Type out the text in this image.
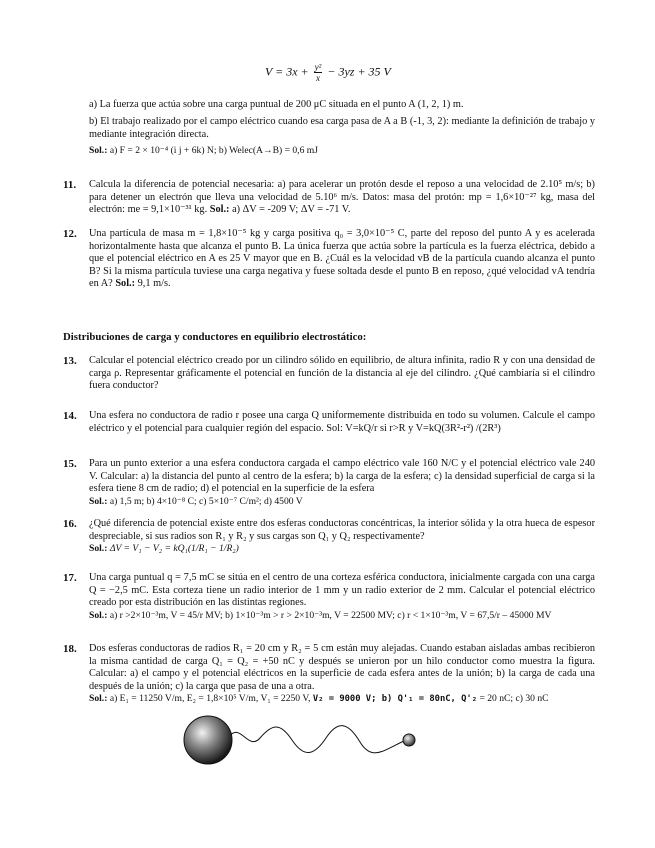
$V = 3x + \frac{\text{y²}}{x} - 3yz + 35$ V
a) La fuerza que actúa sobre una carga puntual de 200 μC situada en el punto A (1, 2, 1) m.
b) El trabajo realizado por el campo eléctrico cuando esa carga pasa de A a B (-1, 3, 2): mediante la definición de trabajo y mediante integración directa.
Sol.: a) F = 2 × 10⁻⁴ (i j + 6k) N; b) Welec(A→B) = 0,6 mJ
11. Calcula la diferencia de potencial necesaria: a) para acelerar un protón desde el reposo a una velocidad de 2.10⁵ m/s; b) para detener un electrón que lleva una velocidad de 5.10⁶ m/s. Datos: masa del protón: mp = 1,6×10⁻²⁷ kg, masa del electrón: me = 9,1×10⁻³¹ kg. Sol.: a) ΔV = -209 V; ΔV = -71 V.
12. Una partícula de masa m = 1,8×10⁻⁵ kg y carga positiva q₀ = 3,0×10⁻⁵ C, parte del reposo del punto A y es acelerada horizontalmente hasta que alcanza el punto B. La única fuerza que actúa sobre la partícula es la fuerza eléctrica, debido a que el potencial eléctrico en A es 25 V mayor que en B. ¿Cuál es la velocidad vB de la partícula cuando alcanza el punto B? Si la misma partícula tuviese una carga negativa y fuese soltada desde el punto B en reposo, ¿qué velocidad vA tendría en A? Sol.: 9,1 m/s.
Distribuciones de carga y conductores en equilibrio electrostático:
13. Calcular el potencial eléctrico creado por un cilindro sólido en equilibrio, de altura infinita, radio R y con una densidad de carga ρ. Representar gráficamente el potencial en función de la distancia al eje del cilindro. ¿Qué cambiaría si el cilindro fuera conductor?
14. Una esfera no conductora de radio r posee una carga Q uniformemente distribuida en todo su volumen. Calcule el campo eléctrico y el potencial para cualquier región del espacio. Sol: V=kQ/r si r>R y V=kQ(3R²-r²) /(2R³)
15. Para un punto exterior a una esfera conductora cargada el campo eléctrico vale 160 N/C y el potencial eléctrico vale 240 V. Calcular: a) la distancia del punto al centro de la esfera; b) la carga de la esfera; c) la densidad superficial de carga si la esfera tiene 8 cm de radio; d) el potencial en la superficie de la esfera
Sol.: a) 1,5 m; b) 4×10⁻⁸ C; c) 5×10⁻⁷ C/m²; d) 4500 V
16. ¿Qué diferencia de potencial existe entre dos esferas conductoras concéntricas, la interior sólida y la otra hueca de espesor despreciable, si sus radios son R₁ y R₂ y sus cargas son Q₁ y Q₂ respectivamente?
Sol.: ΔV = V₁ − V₂ = kQ₁(1/R₁ − 1/R₂)
17. Una carga puntual q = 7,5 mC se sitúa en el centro de una corteza esférica conductora, inicialmente cargada con una carga Q = −2,5 mC. Esta corteza tiene un radio interior de 1 mm y un radio exterior de 2 mm. Calcular el potencial eléctrico creado por esta distribución en las distintas regiones.
Sol.: a) r >2×10⁻³m, V = 45/r MV; b) 1×10⁻³m > r > 2×10⁻³m, V = 22500 MV; c) r < 1×10⁻³m, V = 67,5/r – 45000 MV
18. Dos esferas conductoras de radios R₁ = 20 cm y R₂ = 5 cm están muy alejadas. Cuando estaban aisladas ambas recibieron la misma cantidad de carga Q₁ = Q₂ = +50 nC y después se unieron por un hilo conductor como muestra la figura. Calcular: a) el campo y el potencial eléctricos en la superficie de cada esfera antes de la unión; b) la carga de cada una después de la unión; c) la carga que pasa de una a otra.
Sol.: a) E₁ = 11250 V/m, E₂ = 1,8×10⁵ V/m, V₁ = 2250 V, V₂ = 9000 V; b) Q'₁ = 80nC, Q'₂ = 20 nC; c) 30 nC
